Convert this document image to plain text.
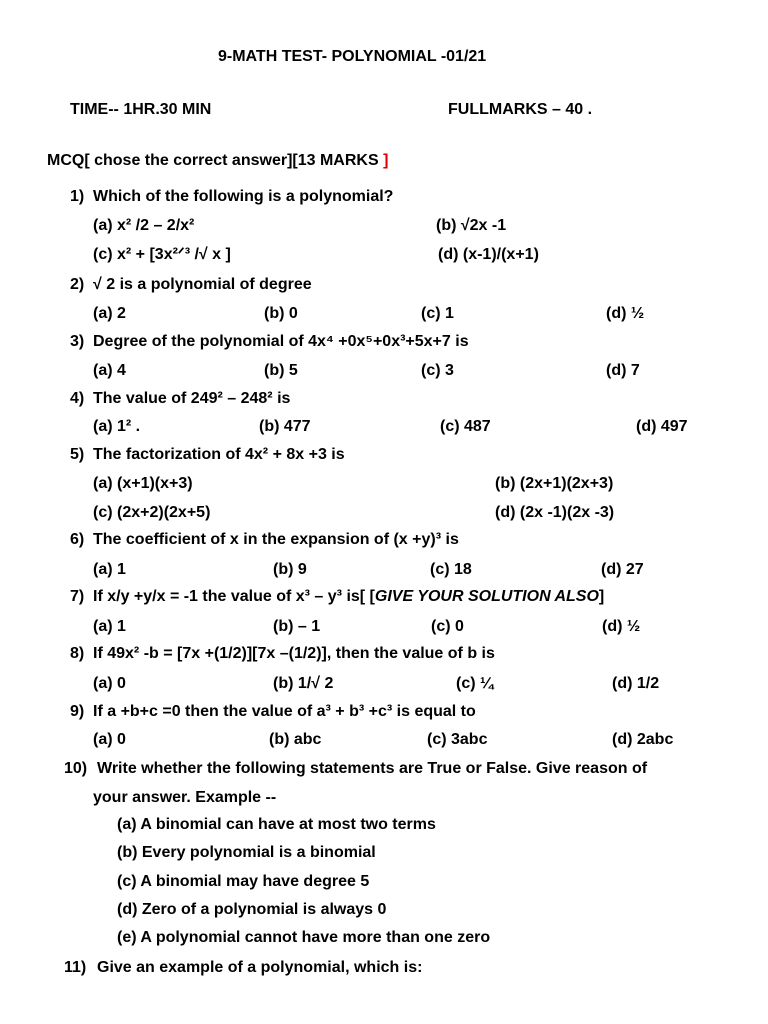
9-MATH TEST- POLYNOMIAL -01/21
TIME-- 1HR.30 MIN	FULLMARKS – 40 .
MCQ[ chose the correct answer][13 MARKS ]
1) Which of the following is a polynomial?
(a) x² /2 – 2/x²	(b) √2x -1
(c) x² + [3x²ᐟ³ /√ x ]	(d) (x-1)/(x+1)
2) √ 2 is a polynomial of degree
(a) 2	(b) 0	(c) 1	(d) ½
3) Degree of the polynomial of 4x⁴ +0x⁵+0x³+5x+7 is
(a) 4	(b) 5	(c) 3	(d) 7
4) The value of 249² – 248² is
(a) 1² .	(b) 477	(c) 487	(d) 497
5) The factorization of 4x² + 8x +3 is
(a) (x+1)(x+3)	(b) (2x+1)(2x+3)
(c) (2x+2)(2x+5)	(d) (2x -1)(2x -3)
6) The coefficient of x in the expansion of (x +y)³ is
(a) 1	(b) 9	(c) 18	(d) 27
7) If x/y +y/x = -1 the value of x³ – y³ is[ [GIVE YOUR SOLUTION ALSO]
(a) 1	(b) – 1	(c) 0	(d) ½
8) If 49x² -b = [7x +(1/2)][7x –(1/2)], then the value of b is
(a) 0	(b) 1/√ 2	(c) ¼	(d) 1/2
9) If a +b+c =0 then the value of a³ + b³ +c³ is equal to
(a) 0	(b) abc	(c) 3abc	(d) 2abc
10) Write whether the following statements are True or False. Give reason of
your answer. Example --
(a) A binomial can have at most two terms
(b) Every polynomial is a binomial
(c) A binomial may have degree 5
(d) Zero of a polynomial is always 0
(e) A polynomial cannot have more than one zero
11) Give an example of a polynomial, which is:
